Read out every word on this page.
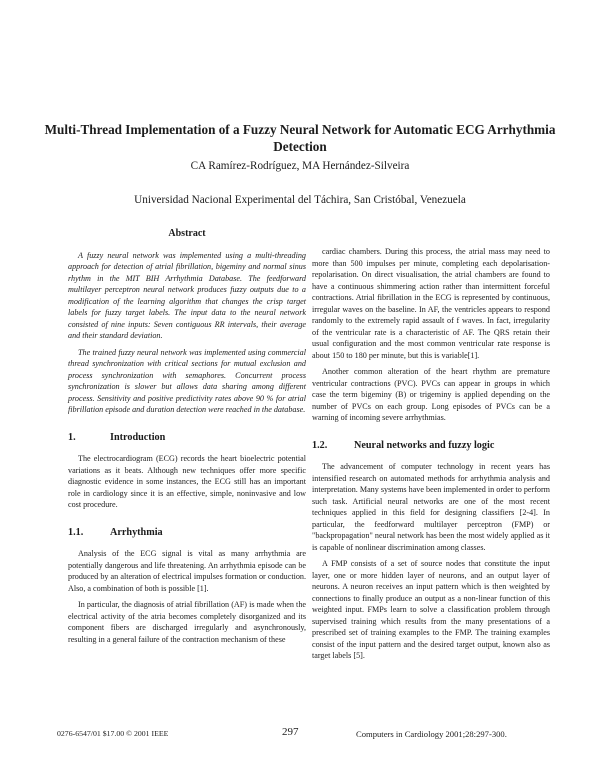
Multi-Thread Implementation of a Fuzzy Neural Network for Automatic ECG Arrhythmia Detection
CA Ramírez-Rodríguez, MA Hernández-Silveira
Universidad Nacional Experimental del Táchira, San Cristóbal, Venezuela
Abstract

A fuzzy neural network was implemented using a multi-threading approach for detection of atrial fibrillation, bigeminy and normal sinus rhythm in the MIT BIH Arrhythmia Database. The feedforward multilayer perceptron neural network produces fuzzy outputs due to a modification of the learning algorithm that changes the crisp target labels for fuzzy target labels. The input data to the neural network consisted of nine inputs: Seven contiguous RR intervals, their average and their standard deviation.

The trained fuzzy neural network was implemented using commercial thread synchronization with critical sections for mutual exclusion and process synchronization with semaphores. Concurrent process synchronization is slower but allows data sharing among different process. Sensitivity and positive predictivity rates above 90 % for atrial fibrillation episode and duration detection were reached in the database.

1.	Introduction

The electrocardiogram (ECG) records the heart bioelectric potential variations as it beats. Although new techniques offer more specific diagnostic evidence in some instances, the ECG still has an important role in cardiology since it is an effective, simple, noninvasive and low cost procedure.

1.1.	Arrhythmia

Analysis of the ECG signal is vital as many arrhythmia are potentially dangerous and life threatening. An arrhythmia episode can be produced by an alteration of electrical impulses formation or conduction. Also, a combination of both is possible [1].

In particular, the diagnosis of atrial fibrillation (AF) is made when the electrical activity of the atria becomes completely disorganized and its component fibers are discharged irregularly and asynchronously, resulting in a general failure of the contraction mechanism of these

cardiac chambers. During this process, the atrial mass may need to more than 500 impulses per minute, completing each depolarisation-repolarisation. On direct visualisation, the atrial chambers are found to have a continuous shimmering action rather than intermittent forceful contractions. Atrial fibrillation in the ECG is represented by continuous, irregular waves on the baseline. In AF, the ventricles appears to respond randomly to the extremely rapid assault of f waves. In fact, irregularity of the ventricular rate is a characteristic of AF. The QRS retain their usual configuration and the most common ventricular rate response is about 150 to 180 per minute, but this is variable[1].

Another common alteration of the heart rhythm are premature ventricular contractions (PVC). PVCs can appear in groups in which case the term bigeminy (B) or trigeminy is applied depending on the number of PVCs on each group. Long episodes of PVCs can be a warning of incoming severe arrhythmias.

1.2.	Neural networks and fuzzy logic

The advancement of computer technology in recent years has intensified research on automated methods for arrhythmia analysis and interpretation. Many systems have been implemented in order to perform such task. Artificial neural networks are one of the most recent techniques applied in this field for designing classifiers [2-4]. In particular, the feedforward multilayer perceptron (FMP) or "backpropagation" neural network has been the most widely applied as it is capable of nonlinear discrimination among classes.

A FMP consists of a set of source nodes that constitute the input layer, one or more hidden layer of neurons, and an output layer of neurons. A neuron receives an input pattern which is then weighted by connections to finally produce an output as a non-linear function of this weighted input. FMPs learn to solve a classification problem through supervised training which results from the many presentations of a prescribed set of training examples to the FMP. The training examples consist of the input pattern and the desired target output, known also as target labels [5].

0276-6547/01 $17.00 © 2001 IEEE	297	Computers in Cardiology 2001;28:297-300.
